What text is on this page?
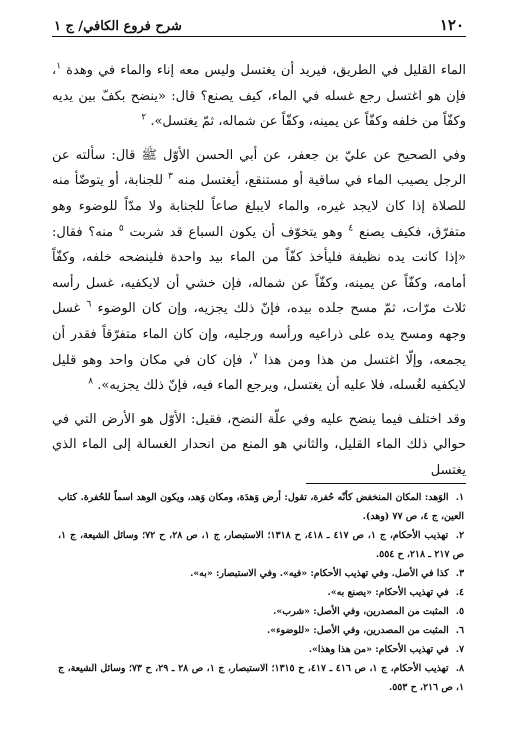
١٢٠
شرح فروع الكافي/ ج ١

الماء القليل في الطريق، فيريد أن يغتسل وليس معه إناء والماء في وهدة $^١$، فإن هو اغتسل رجع غسله في الماء، كيف يصنع؟ قال: «ينضح بكفّ بين يديه وكفّاً من خلفه وكفّاً عن يمينه، وكفّاً عن شماله، ثمّ يغتسل». $^٢$

وفي الصحيح عن عليّ بن جعفر، عن أبي الحسن الأوّل ﷺ قال: سألته عن الرجل يصيب الماء في ساقية أو مستنقع، أيغتسل منه $^٣$ للجنابة، أو يتوضّأ منه للصلاة إذا كان لايجد غيره، والماء لايبلغ صاعاً للجنابة ولا مدّاً للوضوء وهو متفرّق، فكيف يصنع $^٤$ وهو يتخوّف أن يكون السباع قد شربت $^٥$ منه؟ فقال: «إذا كانت يده نظيفة فليأخذ كفّاً من الماء بيد واحدة فلينضحه خلفه، وكفّاً أمامه، وكفّاً عن يمينه، وكفّاً عن شماله، فإن خشي أن لايكفيه، غسل رأسه ثلاث مرّات، ثمّ مسح جلده بيده، فإنّ ذلك يجزيه، وإن كان الوضوء $^٦$ غسل وجهه ومسح يده على ذراعيه ورأسه ورجليه، وإن كان الماء متفرّقاً فقدر أن يجمعه، وإلّا اغتسل من هذا ومن هذا $^٧$، فإن كان في مكان واحد وهو قليل لايكفيه لغُسله، فلا عليه أن يغتسل، ويرجع الماء فيه، فإنّ ذلك يجزيه». $^٨$

وقد اختلف فيما ينضح عليه وفي علّة النضح، فقيل: الأوّل هو الأرض التي في حوالي ذلك الماء القليل، والثاني هو المنع من انحدار الغسالة إلى الماء الذي يغتسل

١. الوَهد: المكان المنخفض كأنّه حُفرة، تقول: أرض وَهدَة، ومكان وَهد، ويكون الوهد اسماً للحُفرة. كتاب العين، ج ٤، ص ٧٧ (وهد).

٢. تهذيب الأحكام، ج ١، ص ٤١٧ ـ ٤١٨، ح ١٣١٨؛ الاستبصار، ج ١، ص ٢٨، ح ٧٢؛ وسائل الشيعة، ج ١، ص ٢١٧ ـ ٢١٨، ح ٥٥٤.

٣. كذا في الأصل. وفي تهذيب الأحكام: «فيه». وفي الاستبصار: «به».

٤. في تهذيب الأحكام: «يصنع به».

٥. المثبت من المصدرين، وفي الأصل: «شرب».

٦. المثبت من المصدرين، وفي الأصل: «للوضوء».

٧. في تهذيب الأحكام: «من هذا وهذا».

٨. تهذيب الأحكام، ج ١، ص ٤١٦ ـ ٤١٧، ح ١٣١٥؛ الاستبصار، ج ١، ص ٢٨ ـ ٢٩، ح ٧٣؛ وسائل الشيعة، ج ١، ص ٢١٦، ح ٥٥٣.
